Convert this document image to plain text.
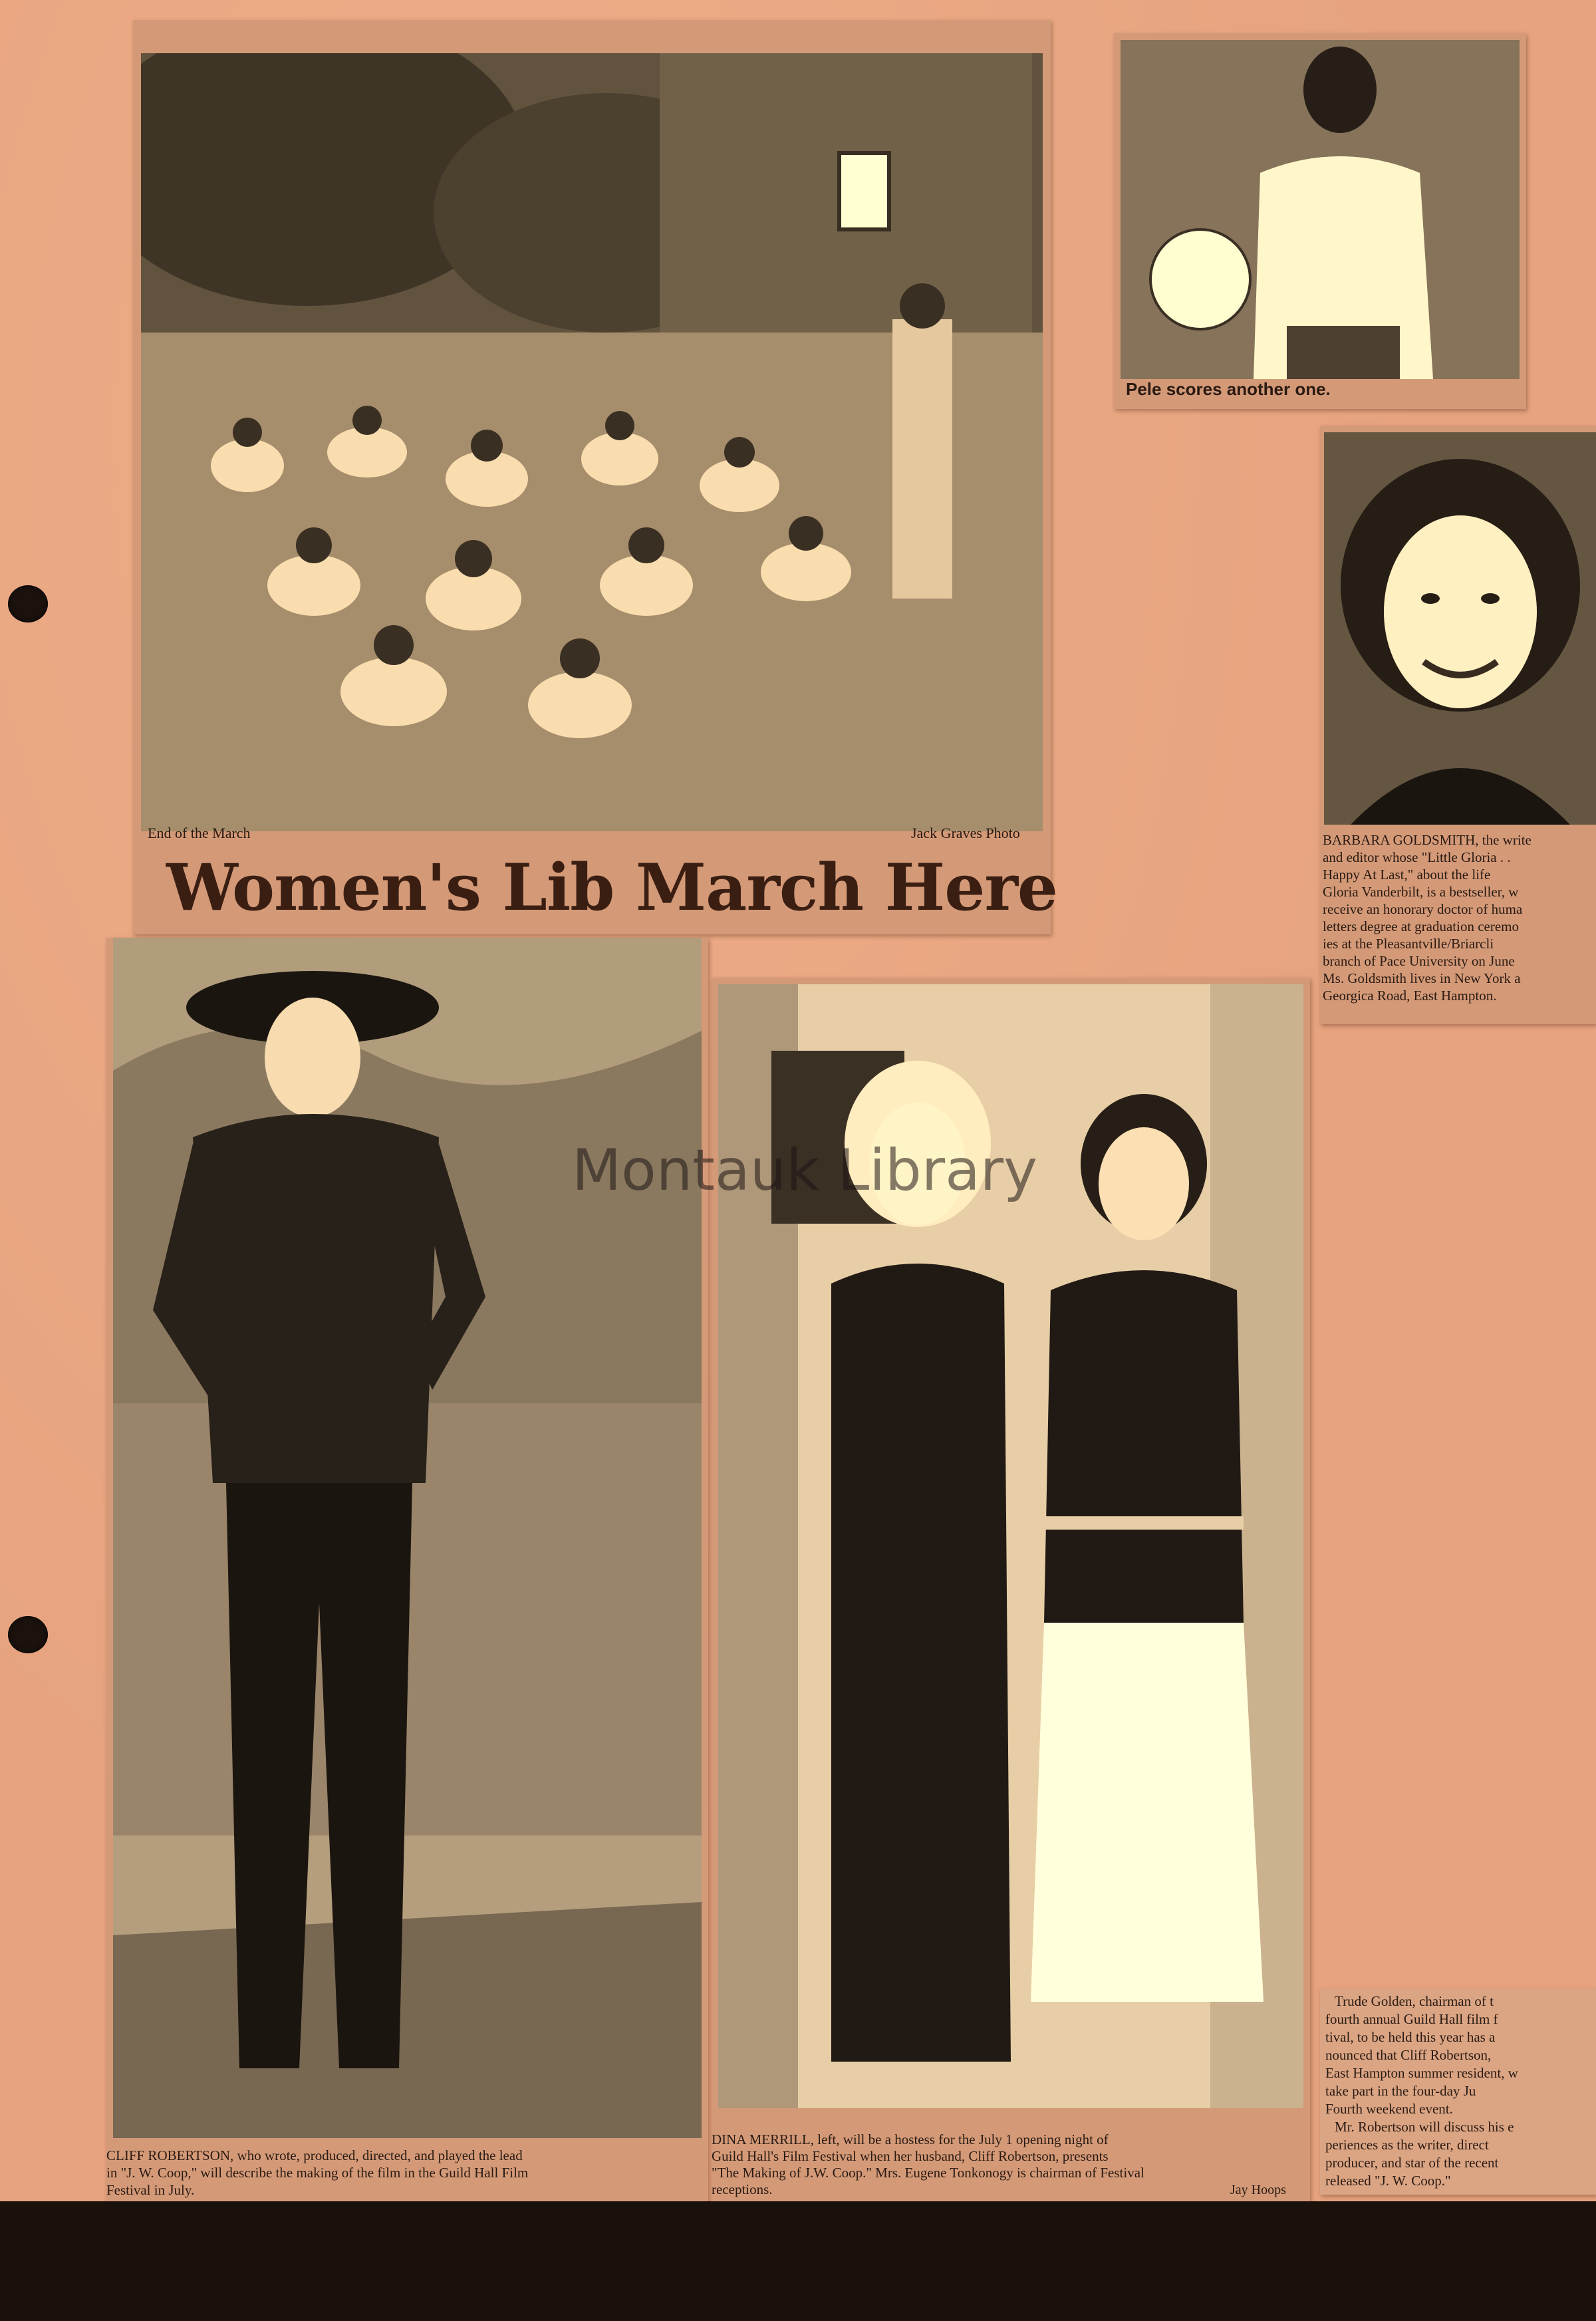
End of the March	Jack Graves Photo
Women's Lib March Here
Pele scores another one.
BARBARA GOLDSMITH, the write
and editor whose "Little Gloria . .
Happy At Last," about the life
Gloria Vanderbilt, is a bestseller, w
receive an honorary doctor of huma
letters degree at graduation ceremo
ies at the Pleasantville/Briarcli
branch of Pace University on June
Ms. Goldsmith lives in New York a
Georgica Road, East Hampton.
CLIFF ROBERTSON, who wrote, produced, directed, and played the lead
in "J. W. Coop," will describe the making of the film in the Guild Hall Film
Festival in July.
DINA MERRILL, left, will be a hostess for the July 1 opening night of
Guild Hall's Film Festival when her husband, Cliff Robertson, presents
"The Making of J.W. Coop." Mrs. Eugene Tonkonogy is chairman of Festival
receptions.	Jay Hoops
Trude Golden, chairman of t
fourth annual Guild Hall film f
tival, to be held this year has a
nounced that Cliff Robertson,
East Hampton summer resident, w
take part in the four-day Ju
Fourth weekend event.
Mr. Robertson will discuss his e
periences as the writer, direct
producer, and star of the recent
released "J. W. Coop."
Montauk Library
